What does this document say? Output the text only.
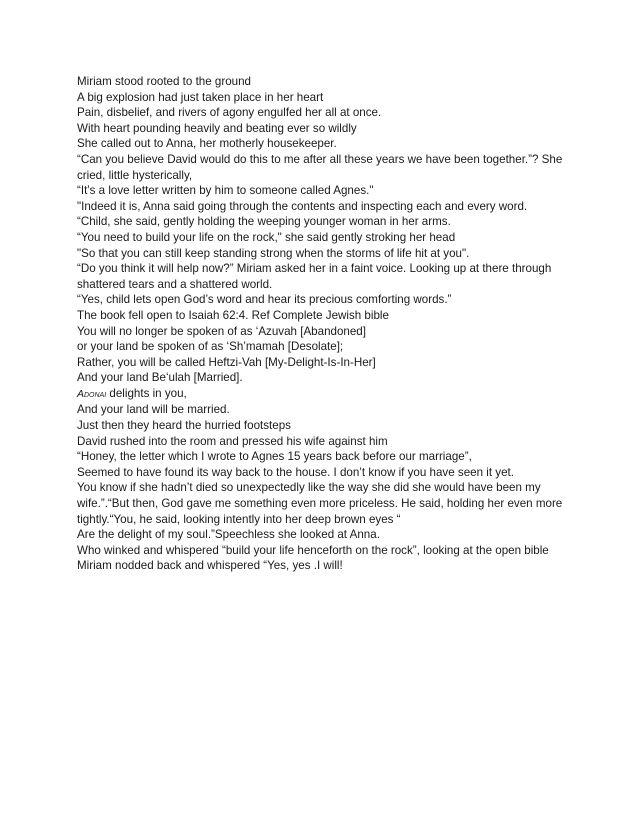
Miriam stood rooted to the ground
A big explosion had just taken place in her heart
Pain, disbelief, and rivers of agony engulfed her all at once.
With heart pounding heavily and beating ever so wildly
She called out to Anna, her motherly housekeeper.
“Can you believe David would do this to me after all these years we have been together.”? She cried, little hysterically,
“It’s a love letter written by him to someone called Agnes."
"Indeed it is, Anna said going through the contents and inspecting each and every word.
“Child, she said, gently holding the weeping younger woman in her arms.
“You need to build your life on the rock," she said gently stroking her head
"So that you can still keep standing strong when the storms of life hit at you".
“Do you think it will help now?” Miriam asked her in a faint voice. Looking up at there through shattered tears and a shattered world.
“Yes, child lets open God’s word and hear its precious comforting words.”
The book fell open to Isaiah 62:4. Ref Complete Jewish bible
You will no longer be spoken of as ‘Azuvah [Abandoned]
or your land be spoken of as ‘Sh’mamah [Desolate];
Rather, you will be called Heftzi-Vah [My-Delight-Is-In-Her]
And your land Be‘ulah [Married].
Adonai delights in you,
And your land will be married.
Just then they heard the hurried footsteps
David rushed into the room and pressed his wife against him
“Honey, the letter which I wrote to Agnes 15 years back before our marriage”,
Seemed to have found its way back to the house. I don’t know if you have seen it yet.
You know if she hadn’t died so unexpectedly like the way she did she would have been my wife.”.“But then, God gave me something even more priceless. He said, holding her even more tightly.“You, he said, looking intently into her deep brown eyes “
Are the delight of my soul.”Speechless she looked at Anna.
Who winked and whispered “build your life henceforth on the rock”, looking at the open bible
Miriam nodded back and whispered “Yes, yes .I will!
